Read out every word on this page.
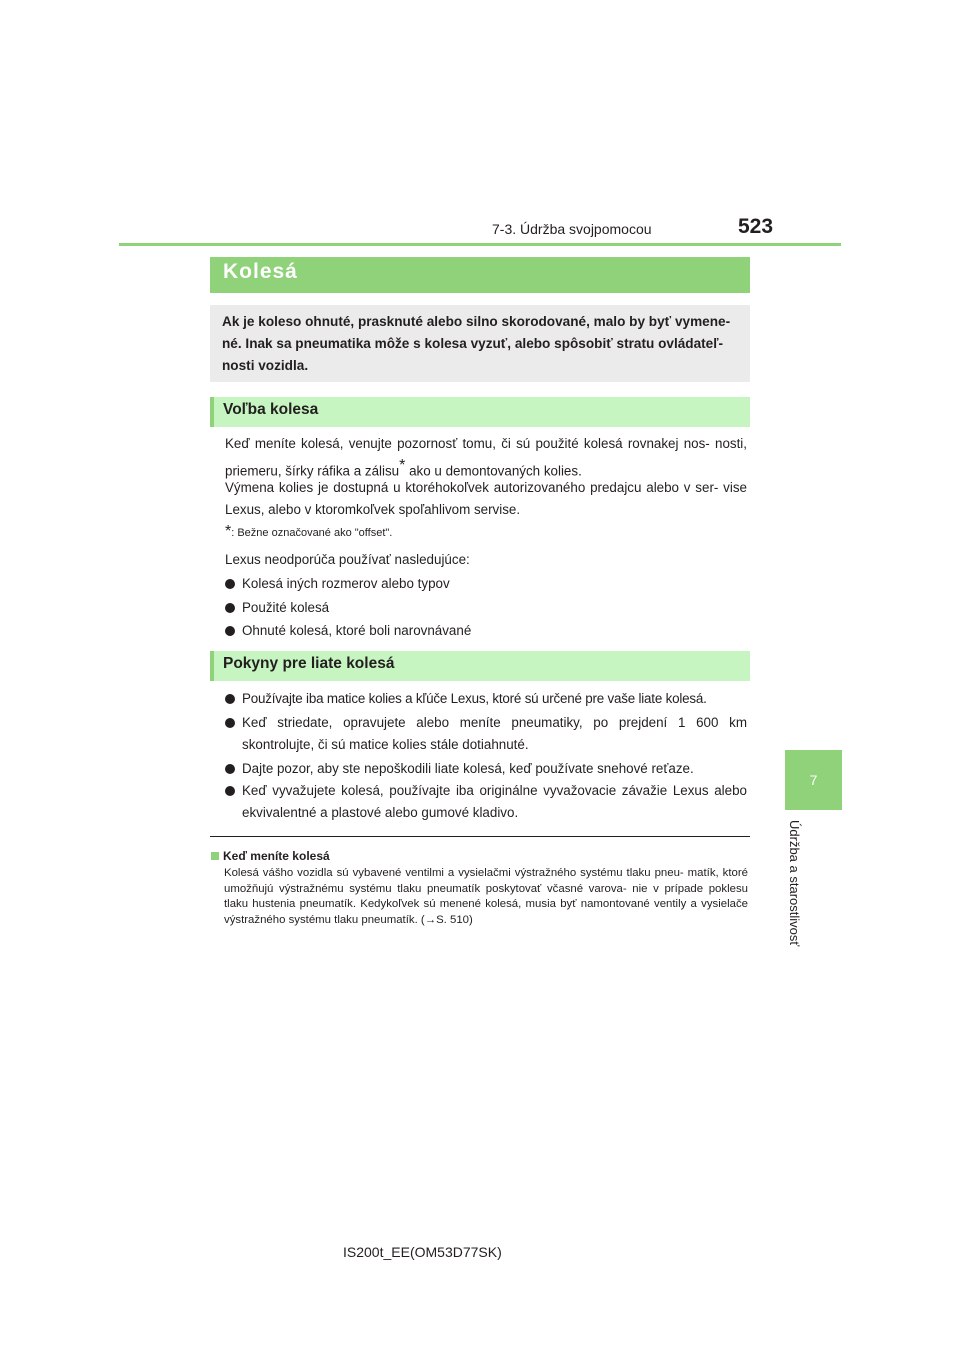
7-3. Údržba svojpomocou	523
7
Údržba a starostlivosť
Kolesá
Ak je koleso ohnuté, prasknuté alebo silno skorodované, malo by byť vymene- né. Inak sa pneumatika môže s kolesa vyzuť, alebo spôsobiť stratu ovládateľ- nosti vozidla.
Voľba kolesa
Keď meníte kolesá, venujte pozornosť tomu, či sú použité kolesá rovnakej nos- nosti, priemeru, šírky ráfika a zálisu* ako u demontovaných kolies.
Výmena kolies je dostupná u ktoréhokoľvek autorizovaného predajcu alebo v ser- vise Lexus, alebo v ktoromkoľvek spoľahlivom servise.
*: Bežne označované ako "offset".
Lexus neodporúča používať nasledujúce:
Kolesá iných rozmerov alebo typov
Použité kolesá
Ohnuté kolesá, ktoré boli narovnávané
Pokyny pre liate kolesá
Používajte iba matice kolies a kľúče Lexus, ktoré sú určené pre vaše liate kolesá.
Keď striedate, opravujete alebo meníte pneumatiky, po prejdení 1 600 km skontrolujte, či sú matice kolies stále dotiahnuté.
Dajte pozor, aby ste nepoškodili liate kolesá, keď používate snehové reťaze.
Keď vyvažujete kolesá, používajte iba originálne vyvažovacie závažie Lexus alebo ekvivalentné a plastové alebo gumové kladivo.
Keď meníte kolesá
Kolesá vášho vozidla sú vybavené ventilmi a vysielačmi výstražného systému tlaku pneu- matík, ktoré umožňujú výstražnému systému tlaku pneumatík poskytovať včasné varova- nie v prípade poklesu tlaku hustenia pneumatík. Kedykoľvek sú menené kolesá, musia byť namontované ventily a vysielače výstražného systému tlaku pneumatík. (→S. 510)
IS200t_EE(OM53D77SK)
